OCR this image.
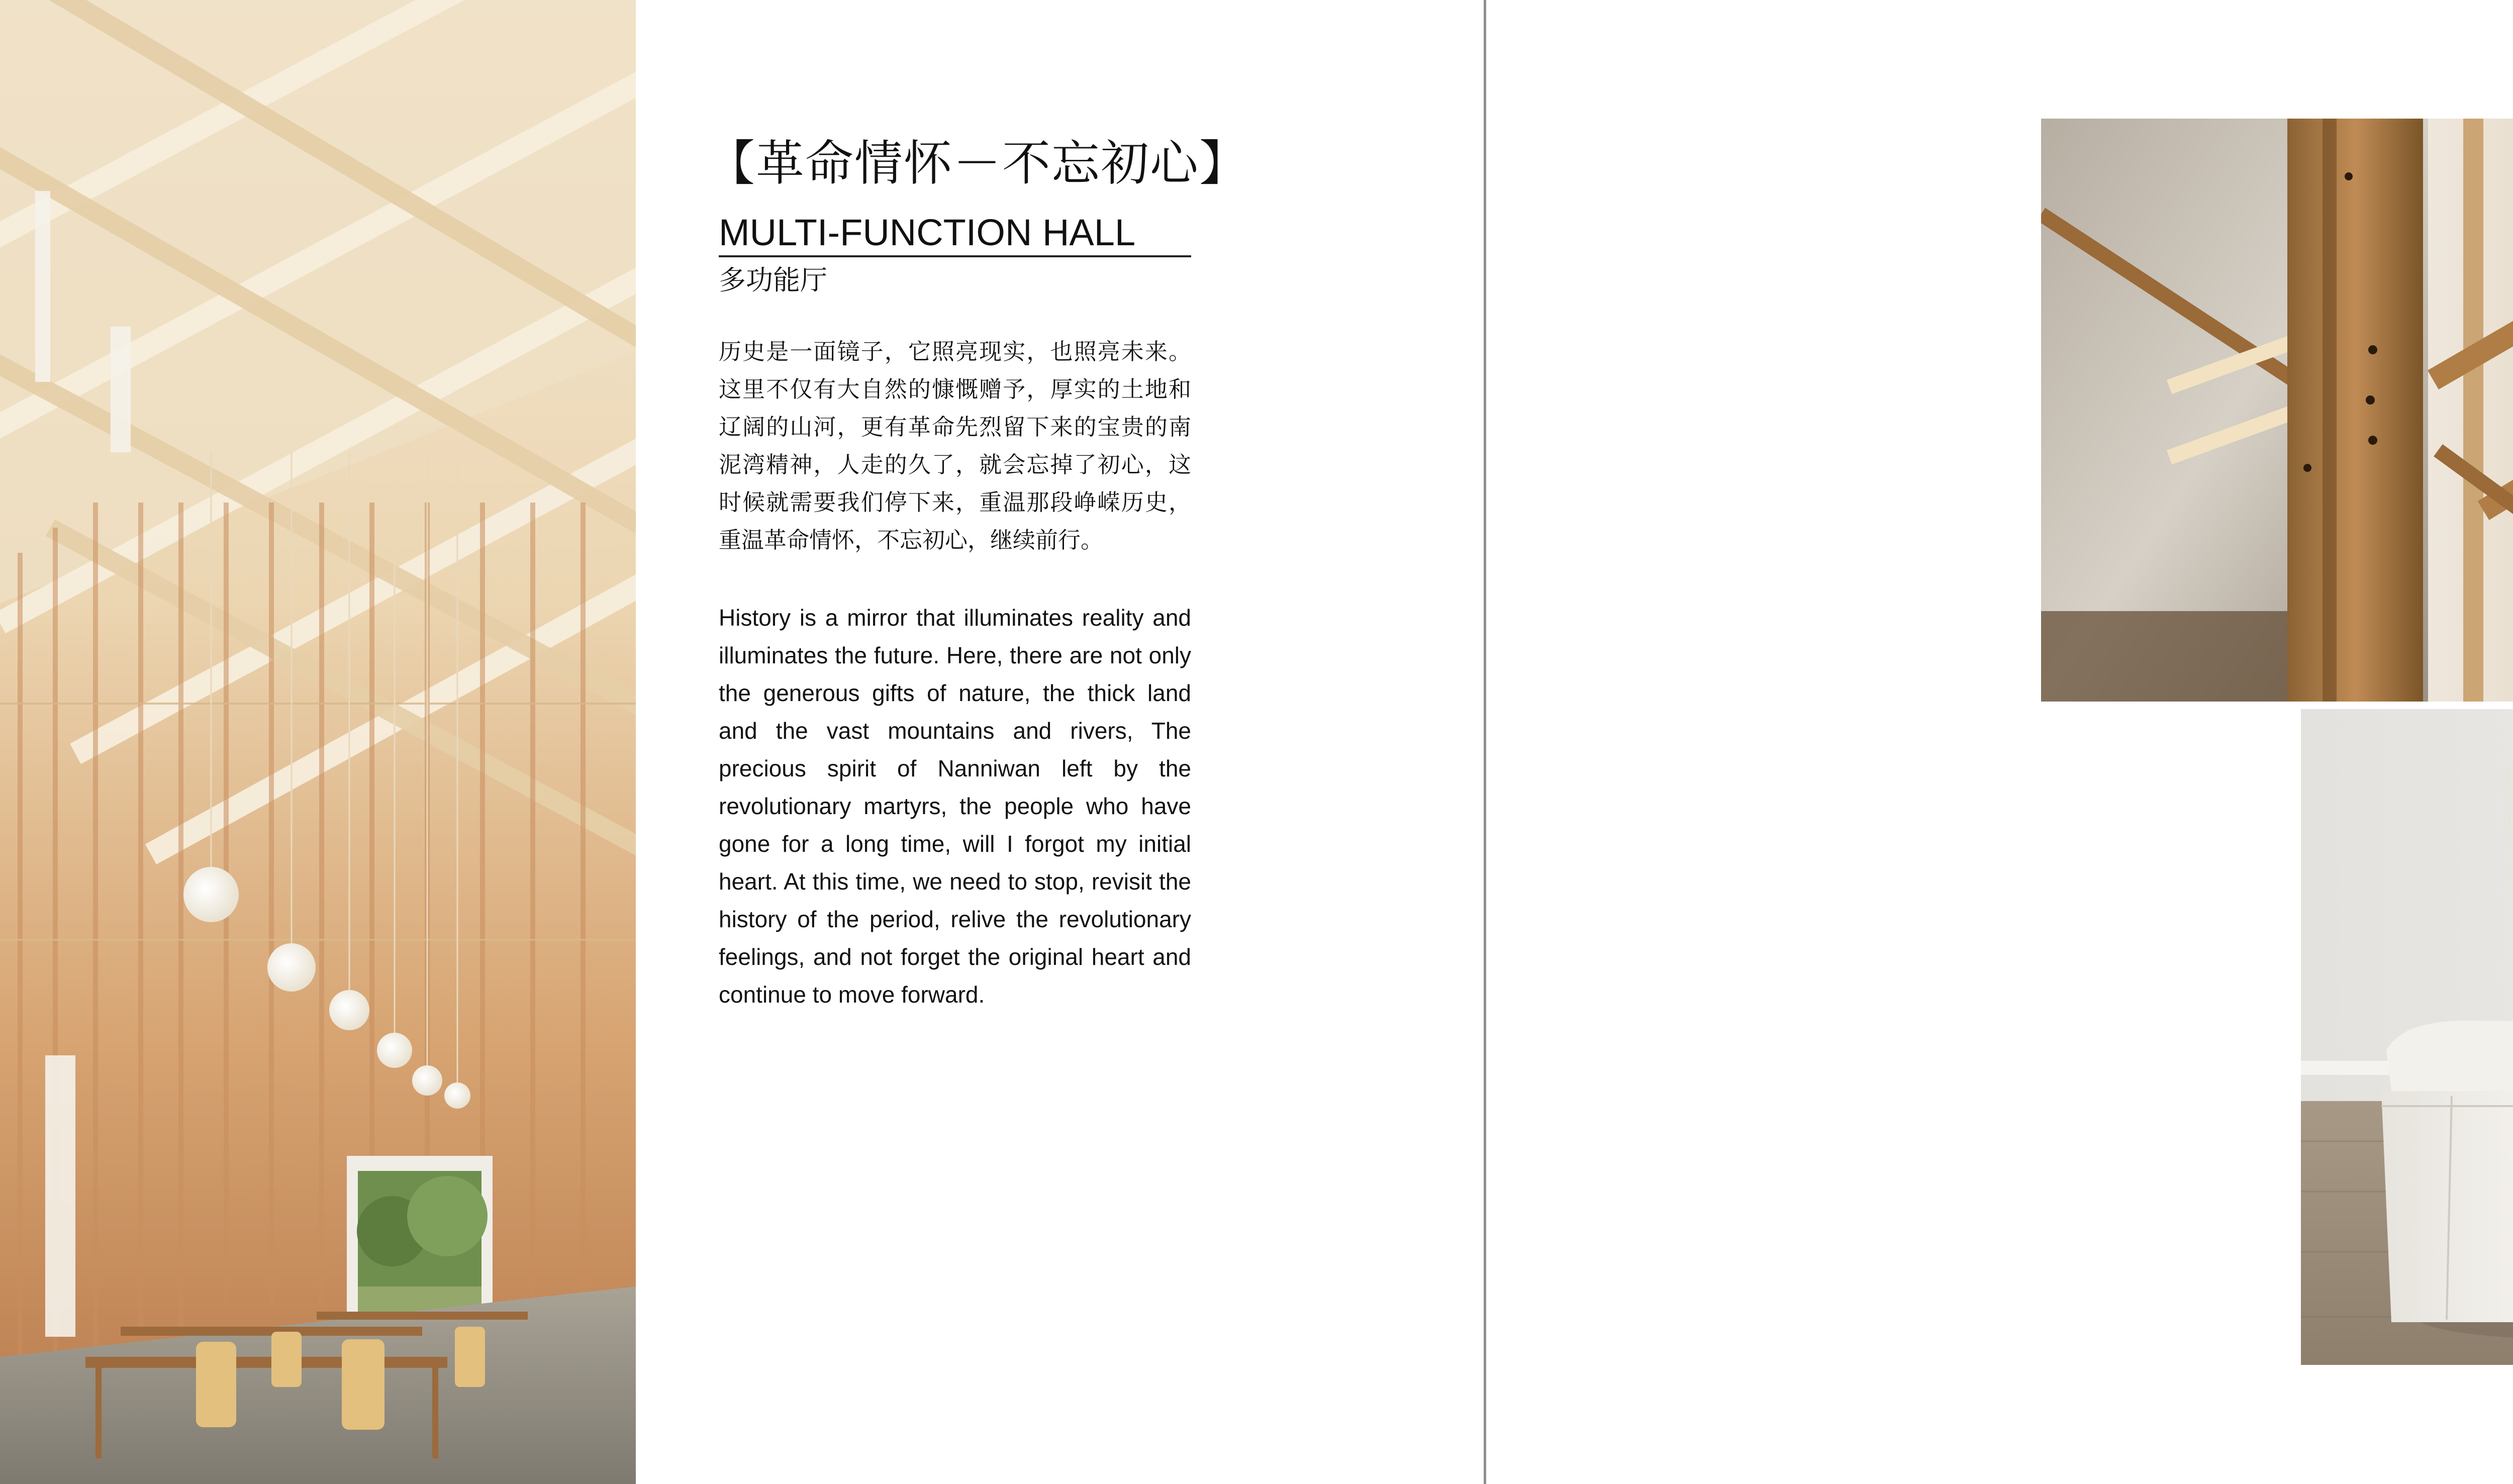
【革命情怀－不忘初心】
MULTI-FUNCTION HALL
多功能厅

历史是一面镜子，它照亮现实，也照亮未来。这里不仅有大自然的慷慨赠予，厚实的土地和辽阔的山河，更有革命先烈留下来的宝贵的南泥湾精神，人走的久了，就会忘掉了初心，这时候就需要我们停下来，重温那段峥嵘历史，重温革命情怀，不忘初心，继续前行。

History is a mirror that illuminates reality and illuminates the future. Here, there are not only the generous gifts of nature, the thick land and the vast mountains and rivers, The precious spirit of Nanniwan left by the revolutionary martyrs, the people who have gone for a long time, will I forgot my initial heart. At this time, we need to stop, revisit the history of the period, relive the revolutionary feelings, and not forget the original heart and continue to move forward.
